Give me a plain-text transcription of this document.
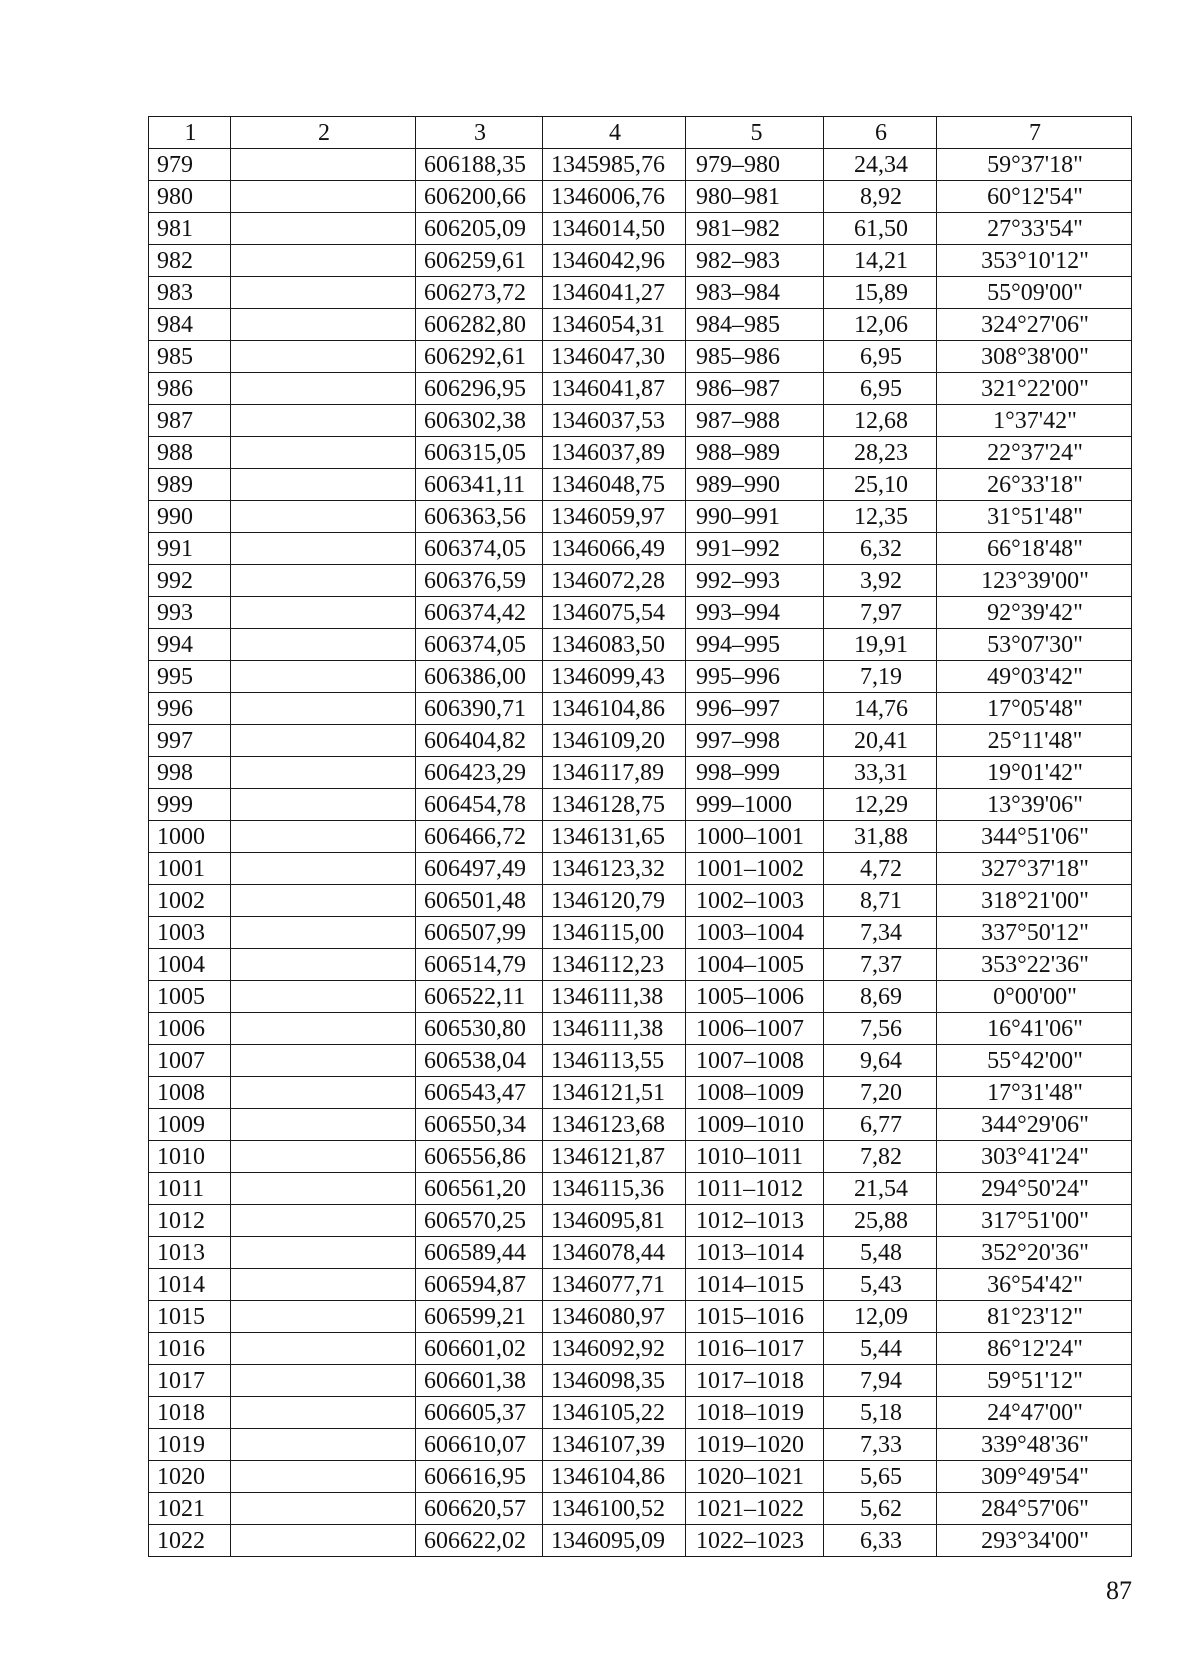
1	2	3	4	5	6	7
979		606188,35	1345985,76	979–980	24,34	59°37'18"
980		606200,66	1346006,76	980–981	8,92	60°12'54"
981		606205,09	1346014,50	981–982	61,50	27°33'54"
982		606259,61	1346042,96	982–983	14,21	353°10'12"
983		606273,72	1346041,27	983–984	15,89	55°09'00"
984		606282,80	1346054,31	984–985	12,06	324°27'06"
985		606292,61	1346047,30	985–986	6,95	308°38'00"
986		606296,95	1346041,87	986–987	6,95	321°22'00"
987		606302,38	1346037,53	987–988	12,68	1°37'42"
988		606315,05	1346037,89	988–989	28,23	22°37'24"
989		606341,11	1346048,75	989–990	25,10	26°33'18"
990		606363,56	1346059,97	990–991	12,35	31°51'48"
991		606374,05	1346066,49	991–992	6,32	66°18'48"
992		606376,59	1346072,28	992–993	3,92	123°39'00"
993		606374,42	1346075,54	993–994	7,97	92°39'42"
994		606374,05	1346083,50	994–995	19,91	53°07'30"
995		606386,00	1346099,43	995–996	7,19	49°03'42"
996		606390,71	1346104,86	996–997	14,76	17°05'48"
997		606404,82	1346109,20	997–998	20,41	25°11'48"
998		606423,29	1346117,89	998–999	33,31	19°01'42"
999		606454,78	1346128,75	999–1000	12,29	13°39'06"
1000		606466,72	1346131,65	1000–1001	31,88	344°51'06"
1001		606497,49	1346123,32	1001–1002	4,72	327°37'18"
1002		606501,48	1346120,79	1002–1003	8,71	318°21'00"
1003		606507,99	1346115,00	1003–1004	7,34	337°50'12"
1004		606514,79	1346112,23	1004–1005	7,37	353°22'36"
1005		606522,11	1346111,38	1005–1006	8,69	0°00'00"
1006		606530,80	1346111,38	1006–1007	7,56	16°41'06"
1007		606538,04	1346113,55	1007–1008	9,64	55°42'00"
1008		606543,47	1346121,51	1008–1009	7,20	17°31'48"
1009		606550,34	1346123,68	1009–1010	6,77	344°29'06"
1010		606556,86	1346121,87	1010–1011	7,82	303°41'24"
1011		606561,20	1346115,36	1011–1012	21,54	294°50'24"
1012		606570,25	1346095,81	1012–1013	25,88	317°51'00"
1013		606589,44	1346078,44	1013–1014	5,48	352°20'36"
1014		606594,87	1346077,71	1014–1015	5,43	36°54'42"
1015		606599,21	1346080,97	1015–1016	12,09	81°23'12"
1016		606601,02	1346092,92	1016–1017	5,44	86°12'24"
1017		606601,38	1346098,35	1017–1018	7,94	59°51'12"
1018		606605,37	1346105,22	1018–1019	5,18	24°47'00"
1019		606610,07	1346107,39	1019–1020	7,33	339°48'36"
1020		606616,95	1346104,86	1020–1021	5,65	309°49'54"
1021		606620,57	1346100,52	1021–1022	5,62	284°57'06"
1022		606622,02	1346095,09	1022–1023	6,33	293°34'00"
87
